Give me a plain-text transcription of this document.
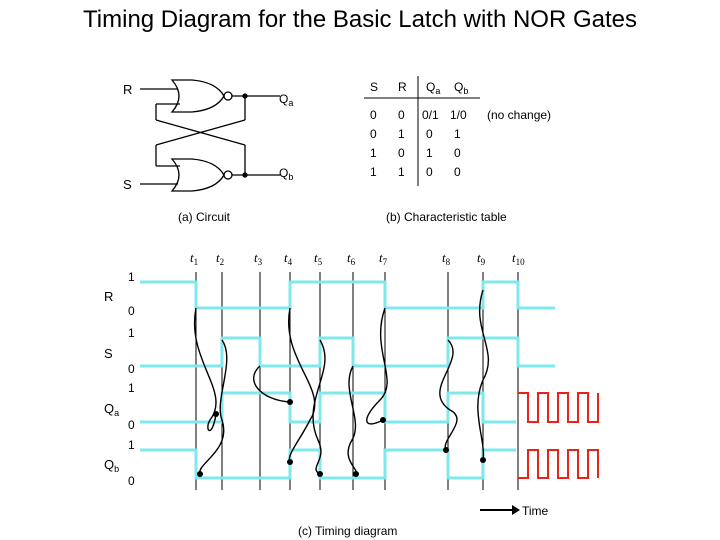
Timing Diagram for the Basic Latch with NOR Gates
R
S
$Q_a$
$Q_b$
(a) Circuit
S R $Q_a$ $Q_b$
0 0 0/1 1/0 (no change)
0 1 0 1
1 0 1 0
1 1 0 0
(b) Characteristic table
$t_1$ $t_2$ $t_3$ $t_4$ $t_5$ $t_6$ $t_7$	$t_8$ $t_9$ $t_{10}$
R
1
0
S
1
0
$Q_a$
1
0
$Q_b$
1
0
Time
(c) Timing diagram
